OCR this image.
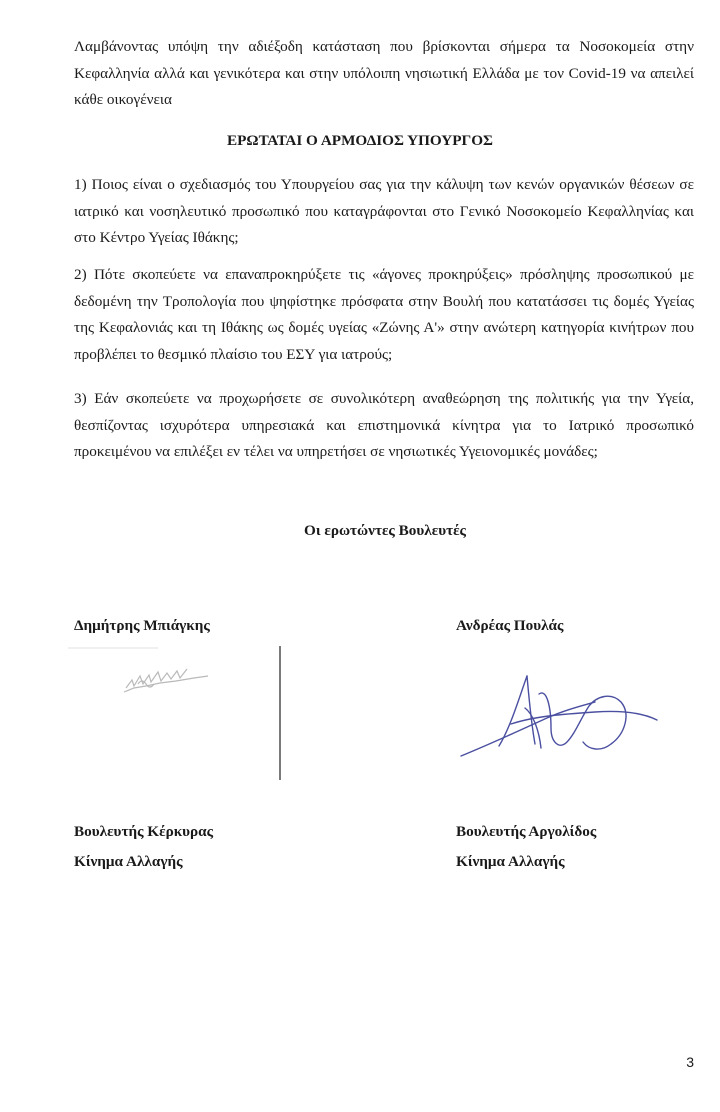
Λαμβάνοντας υπόψη την αδιέξοδη κατάσταση που βρίσκονται σήμερα τα Νοσοκομεία στην Κεφαλληνία αλλά και γενικότερα και στην υπόλοιπη νησιωτική Ελλάδα με τον Covid-19 να απειλεί κάθε οικογένεια

ΕΡΩΤΑΤΑΙ Ο ΑΡΜΟΔΙΟΣ ΥΠΟΥΡΓΟΣ

1) Ποιος είναι ο σχεδιασμός του Υπουργείου σας για την κάλυψη των κενών οργανικών θέσεων σε ιατρικό και νοσηλευτικό προσωπικό που καταγράφονται στο Γενικό Νοσοκομείο Κεφαλληνίας και στο Κέντρο Υγείας Ιθάκης;

2) Πότε σκοπεύετε να επαναπροκηρύξετε τις «άγονες προκηρύξεις» πρόσληψης προσωπικού με δεδομένη την Τροπολογία που ψηφίστηκε πρόσφατα στην Βουλή που κατατάσσει τις δομές Υγείας της Κεφαλονιάς και τη Ιθάκης ως δομές υγείας «Ζώνης Α'» στην ανώτερη κατηγορία κινήτρων που προβλέπει το θεσμικό πλαίσιο του ΕΣΥ για ιατρούς;

3) Εάν σκοπεύετε να προχωρήσετε σε συνολικότερη αναθεώρηση της πολιτικής για την Υγεία, θεσπίζοντας ισχυρότερα υπηρεσιακά και επιστημονικά κίνητρα για το Ιατρικό προσωπικό προκειμένου να επιλέξει εν τέλει να υπηρετήσει σε νησιωτικές Υγειονομικές μονάδες;

Οι ερωτώντες Βουλευτές
Δημήτρης Μπιάγκης
Βουλευτής Κέρκυρας
Κίνημα Αλλαγής
Ανδρέας Πουλάς
Βουλευτής Αργολίδος
Κίνημα Αλλαγής
3
